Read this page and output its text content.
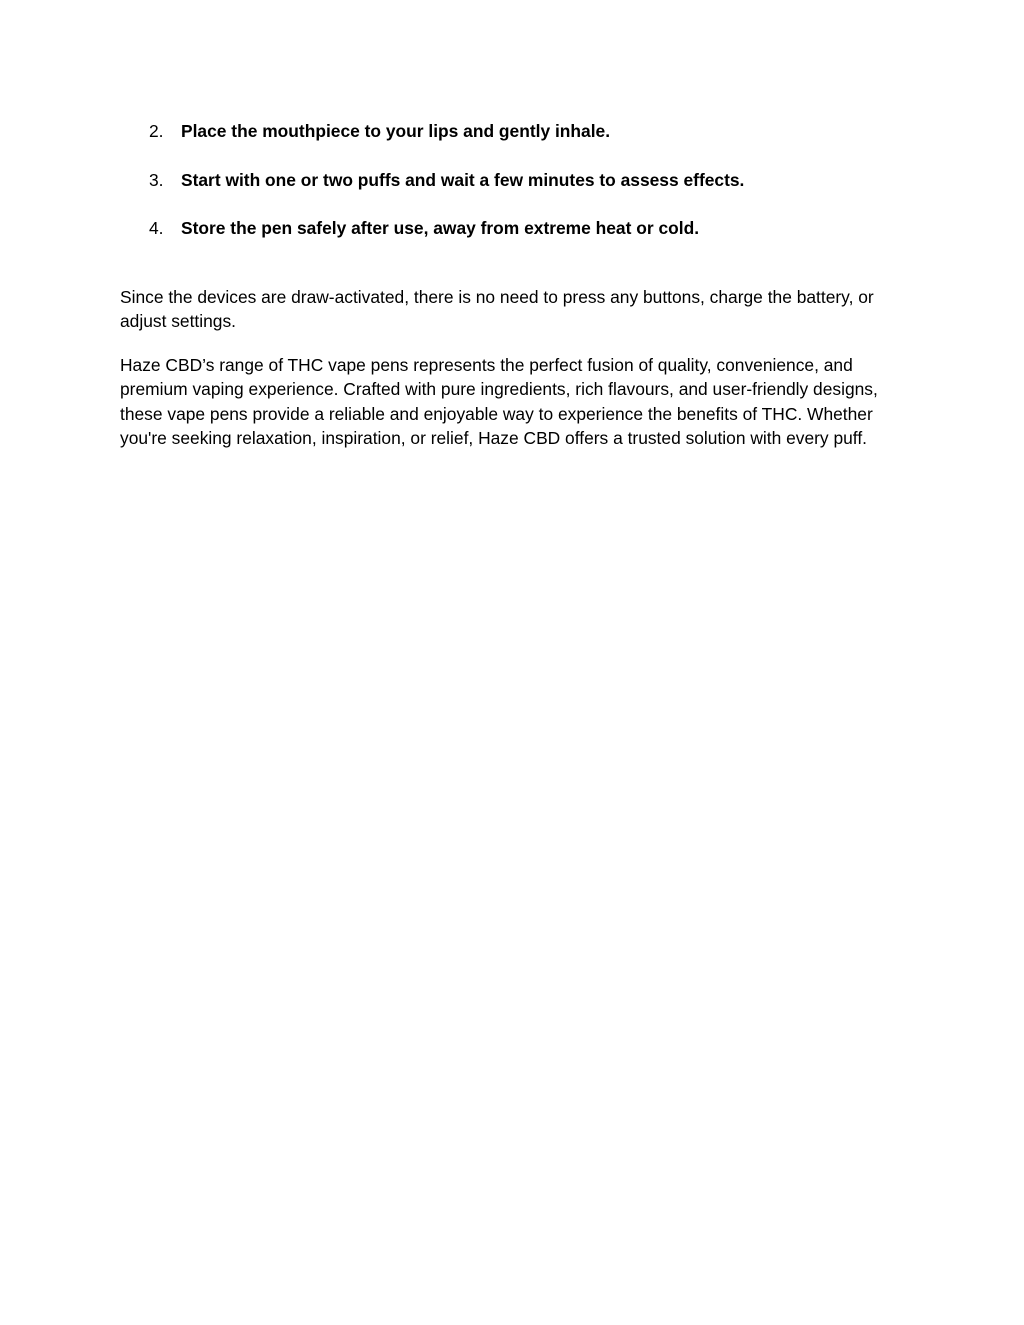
2. Place the mouthpiece to your lips and gently inhale.
3. Start with one or two puffs and wait a few minutes to assess effects.
4. Store the pen safely after use, away from extreme heat or cold.

Since the devices are draw-activated, there is no need to press any buttons, charge the battery, or adjust settings.

Haze CBD’s range of THC vape pens represents the perfect fusion of quality, convenience, and premium vaping experience. Crafted with pure ingredients, rich flavours, and user-friendly designs, these vape pens provide a reliable and enjoyable way to experience the benefits of THC. Whether you're seeking relaxation, inspiration, or relief, Haze CBD offers a trusted solution with every puff.
